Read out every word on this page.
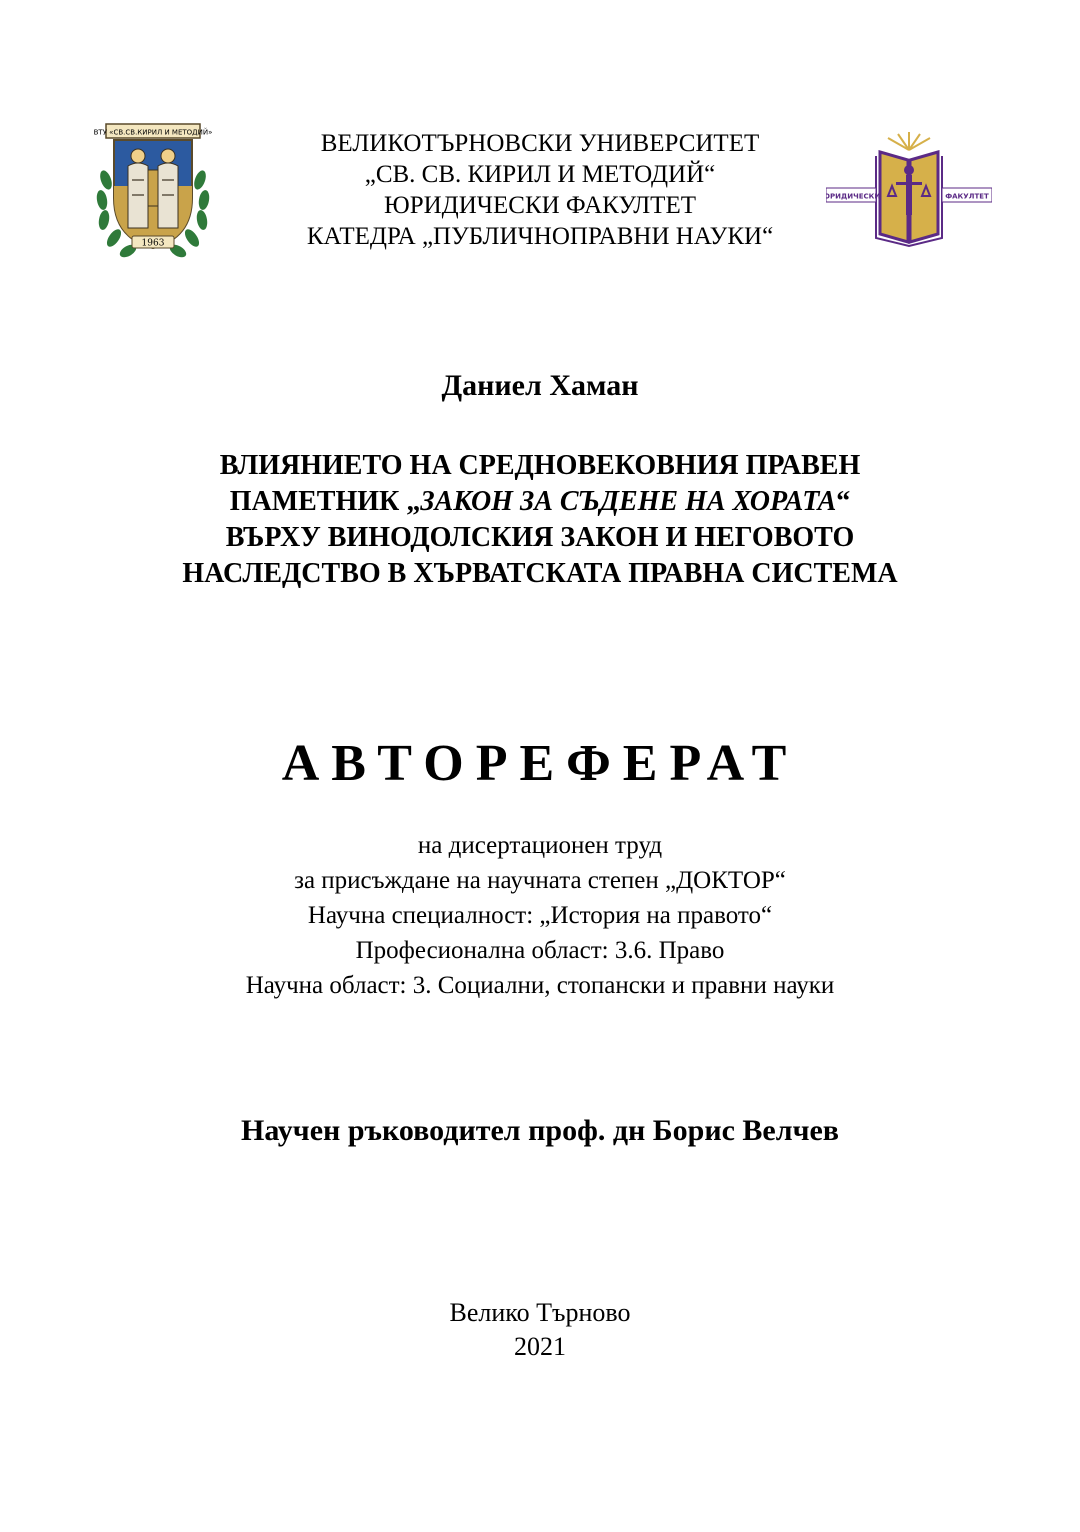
ВТУ «СВ.СВ.КИРИЛ И МЕТОДИЙ»
1963
ЮРИДИЧЕСКИ	ФАКУЛТЕТ
ВЕЛИКОТЪРНОВСКИ УНИВЕРСИТЕТ
„СВ. СВ. КИРИЛ И МЕТОДИЙ“
ЮРИДИЧЕСКИ ФАКУЛТЕТ
КАТЕДРА „ПУБЛИЧНОПРАВНИ НАУКИ“
Даниел Хаман
ВЛИЯНИЕТО НА СРЕДНОВЕКОВНИЯ ПРАВЕН
ПАМЕТНИК „ЗАКОН ЗА СЪДЕНЕ НА ХОРАТА“
ВЪРХУ ВИНОДОЛСКИЯ ЗАКОН И НЕГОВОТО
НАСЛЕДСТВО В ХЪРВАТСКАТА ПРАВНА СИСТЕМА
АВТОРЕФЕРАТ
на дисертационен труд
за присъждане на научната степен „ДОКТОР“
Научна специалност: „История на правото“
Професионална област: 3.6. Право
Научна област: 3. Социални, стопански и правни науки
Научен ръководител проф. дн Борис Велчев
Велико Търново
2021
